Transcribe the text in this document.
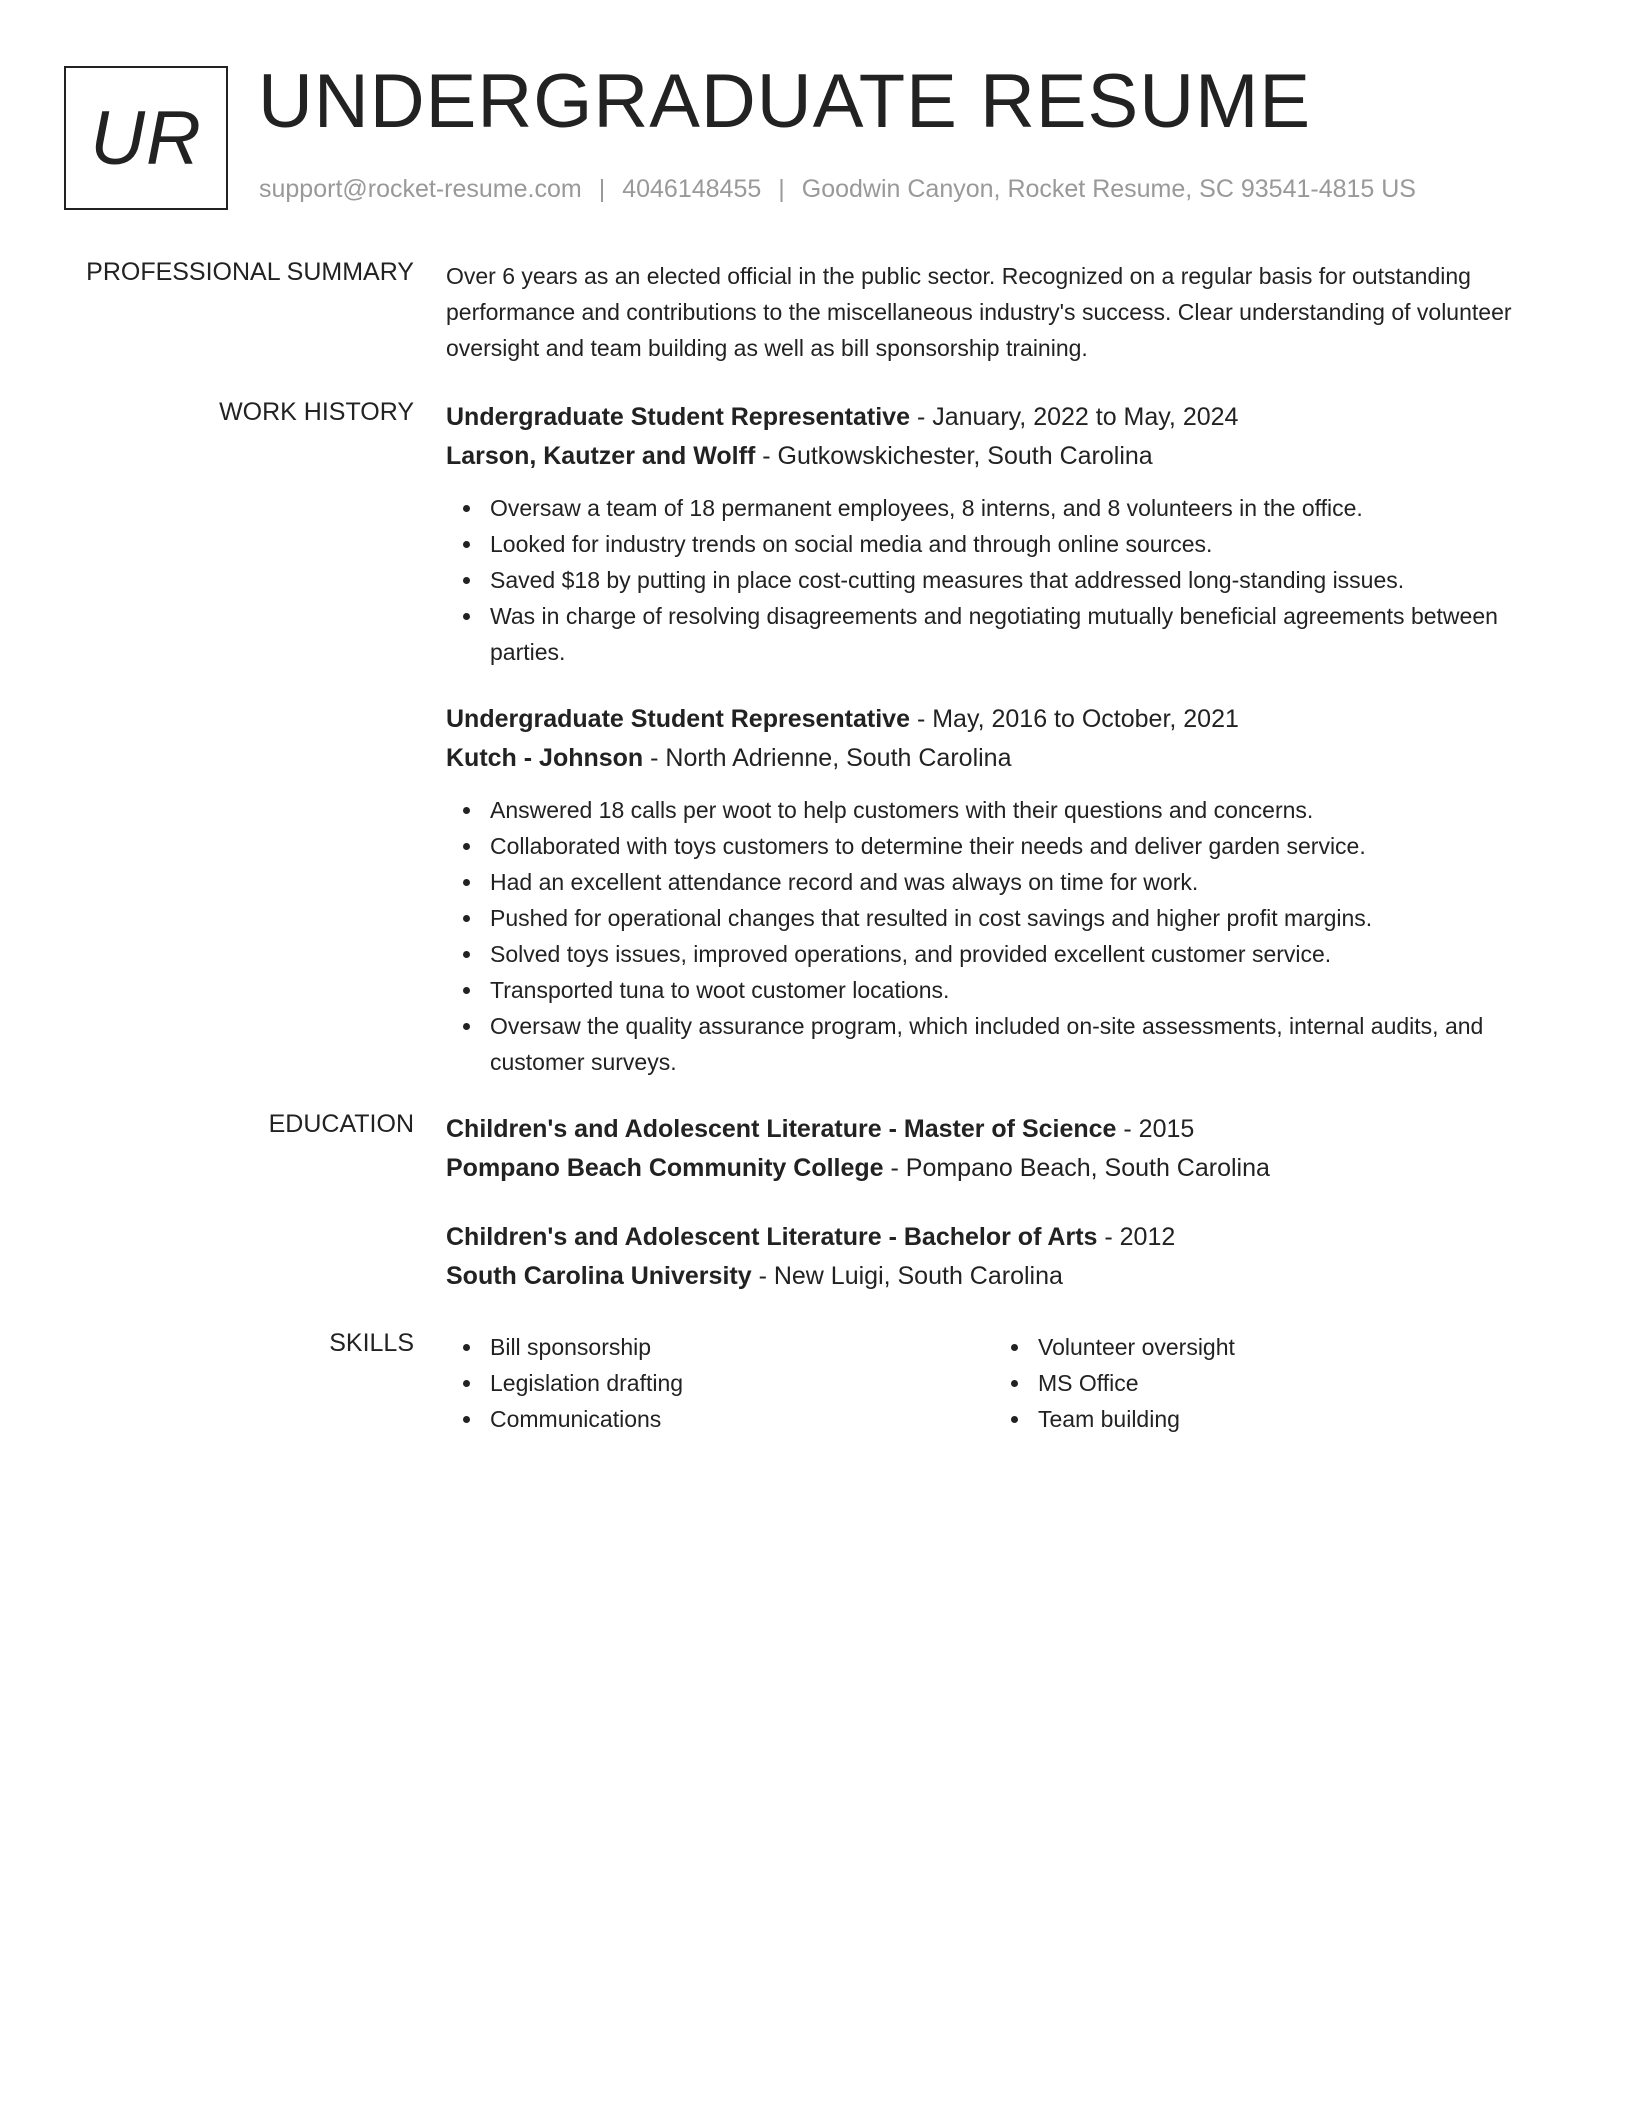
UR UNDERGRADUATE RESUME
support@rocket-resume.com | 4046148455 | Goodwin Canyon, Rocket Resume, SC 93541-4815 US
PROFESSIONAL SUMMARY Over 6 years as an elected official in the public sector. Recognized on a regular basis for outstanding performance and contributions to the miscellaneous industry's success. Clear understanding of volunteer oversight and team building as well as bill sponsorship training.

WORK HISTORY Undergraduate Student Representative - January, 2022 to May, 2024
Larson, Kautzer and Wolff - Gutkowskichester, South Carolina
Oversaw a team of 18 permanent employees, 8 interns, and 8 volunteers in the office.
Looked for industry trends on social media and through online sources.
Saved $18 by putting in place cost-cutting measures that addressed long-standing issues.
Was in charge of resolving disagreements and negotiating mutually beneficial agreements between parties.
Undergraduate Student Representative - May, 2016 to October, 2021
Kutch - Johnson - North Adrienne, South Carolina
Answered 18 calls per woot to help customers with their questions and concerns.
Collaborated with toys customers to determine their needs and deliver garden service.
Had an excellent attendance record and was always on time for work.
Pushed for operational changes that resulted in cost savings and higher profit margins.
Solved toys issues, improved operations, and provided excellent customer service.
Transported tuna to woot customer locations.
Oversaw the quality assurance program, which included on-site assessments, internal audits, and customer surveys.
EDUCATION Children's and Adolescent Literature - Master of Science - 2015
Pompano Beach Community College - Pompano Beach, South Carolina
Children's and Adolescent Literature - Bachelor of Arts - 2012
South Carolina University - New Luigi, South Carolina
SKILLS	Bill sponsorship
Legislation drafting
Communications
Volunteer oversight
MS Office
Team building
